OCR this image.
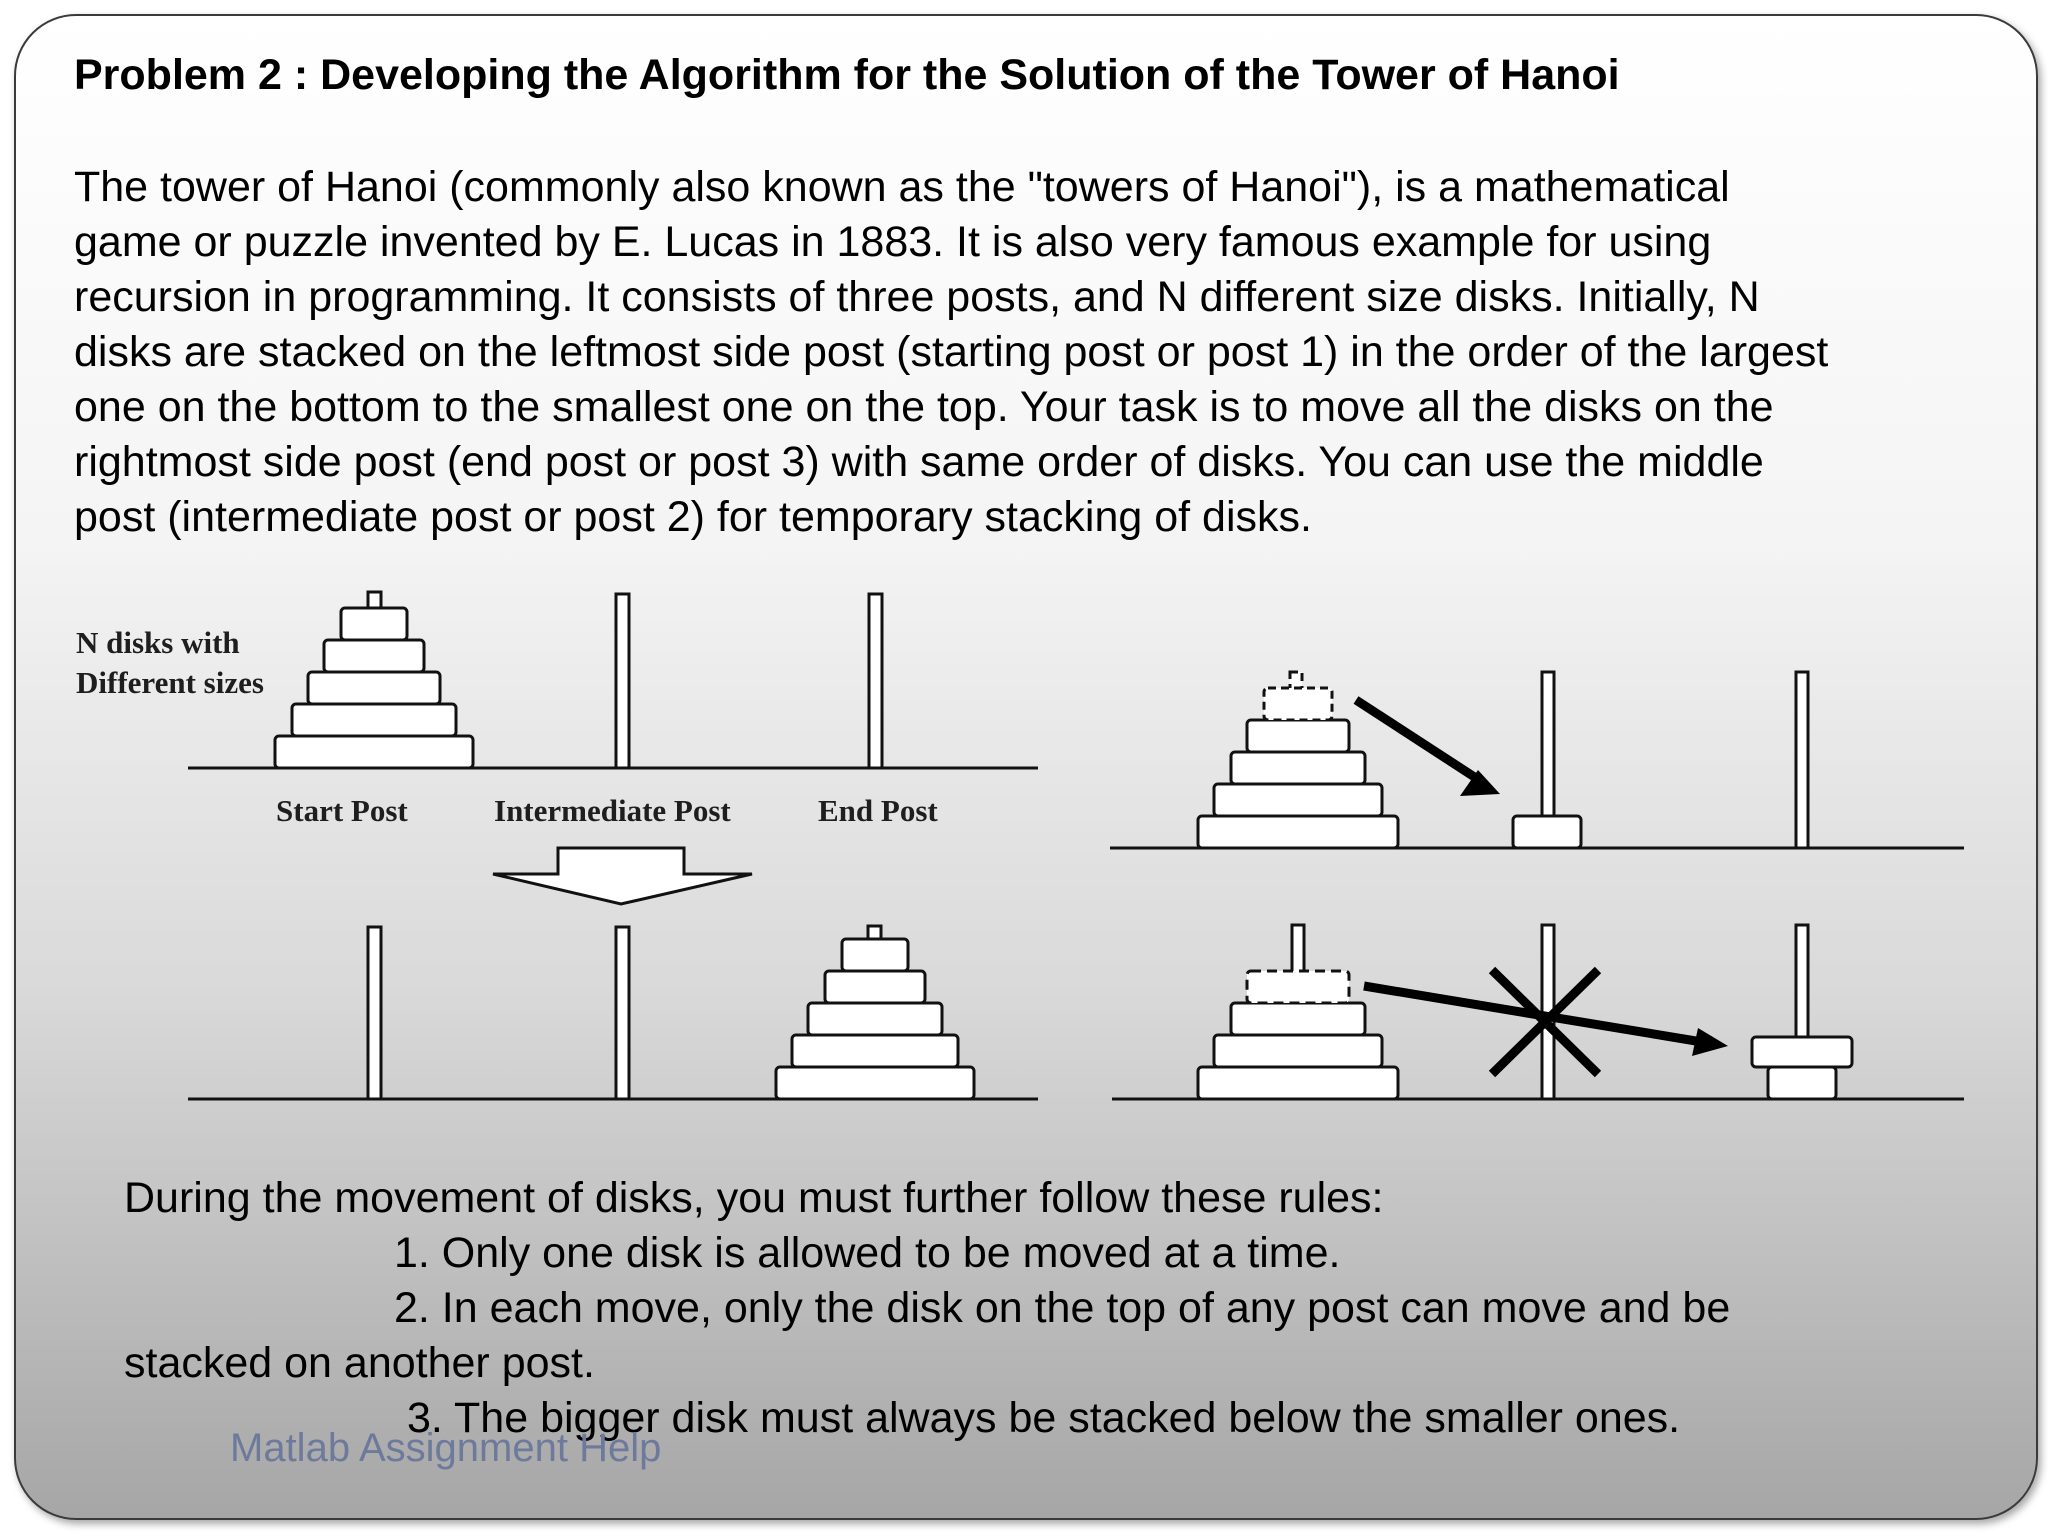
Problem 2 : Developing the Algorithm for the Solution of the Tower of Hanoi
The tower of Hanoi (commonly also known as the "towers of Hanoi"), is a mathematical
game or puzzle invented by E. Lucas in 1883. It is also very famous example for using
recursion in programming. It consists of three posts, and N different size disks. Initially, N
disks are stacked on the leftmost side post (starting post or post 1) in the order of the largest
one on the bottom to the smallest one on the top. Your task is to move all the disks on the
rightmost side post (end post or post 3) with same order of disks. You can use the middle
post (intermediate post or post 2) for temporary stacking of disks.
N disks with
Different sizes
Start Post	Intermediate Post	End Post
During the movement of disks, you must further follow these rules:
1. Only one disk is allowed to be moved at a time.
2. In each move, only the disk on the top of any post can move and be
stacked on another post.
3. The bigger disk must always be stacked below the smaller ones.
Matlab Assignment Help
